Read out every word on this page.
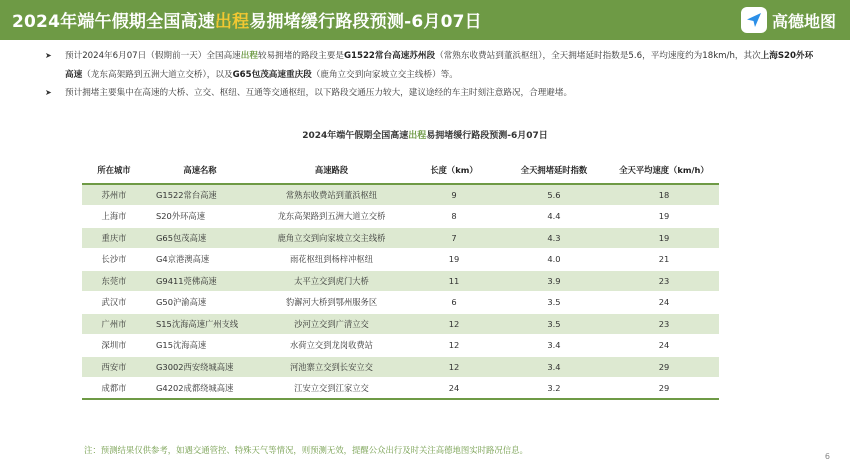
2024年端午假期全国高速出程易拥堵缓行路段预测-6月07日	高德地图
➤ 预计2024年6月07日（假期前一天）全国高速出程较易拥堵的路段主要是G1522常台高速苏州段（常熟东收费站到董浜枢纽），全天拥堵延时指数是5.6，平均速度约为18km/h，其次上海S20外环高速（龙东高架路到五洲大道立交桥），以及G65包茂高速重庆段（鹿角立交到向家坡立交主线桥）等。
➤ 预计拥堵主要集中在高速的大桥、立交、枢纽、互通等交通枢纽，以下路段交通压力较大，建议途经的车主时刻注意路况，合理避堵。
2024年端午假期全国高速出程易拥堵缓行路段预测-6月07日
所在城市	高速名称	高速路段	长度（km）	全天拥堵延时指数	全天平均速度（km/h）
苏州市	G1522常台高速	常熟东收费站到董浜枢纽	9	5.6	18
上海市	S20外环高速	龙东高架路到五洲大道立交桥	8	4.4	19
重庆市	G65包茂高速	鹿角立交到向家坡立交主线桥	7	4.3	19
长沙市	G4京港澳高速	雨花枢纽到杨梓冲枢纽	19	4.0	21
东莞市	G9411莞佛高速	太平立交到虎门大桥	11	3.9	23
武汉市	G50沪渝高速	豹澥河大桥到鄂州服务区	6	3.5	24
广州市	S15沈海高速广州支线	沙河立交到广清立交	12	3.5	23
深圳市	G15沈海高速	水荷立交到龙岗收费站	12	3.4	24
西安市	G3002西安绕城高速	河池寨立交到长安立交	12	3.4	29
成都市	G4202成都绕城高速	江安立交到江家立交	24	3.2	29
注：预测结果仅供参考，如遇交通管控、特殊天气等情况，则预测无效，提醒公众出行及时关注高德地图实时路况信息。
6
